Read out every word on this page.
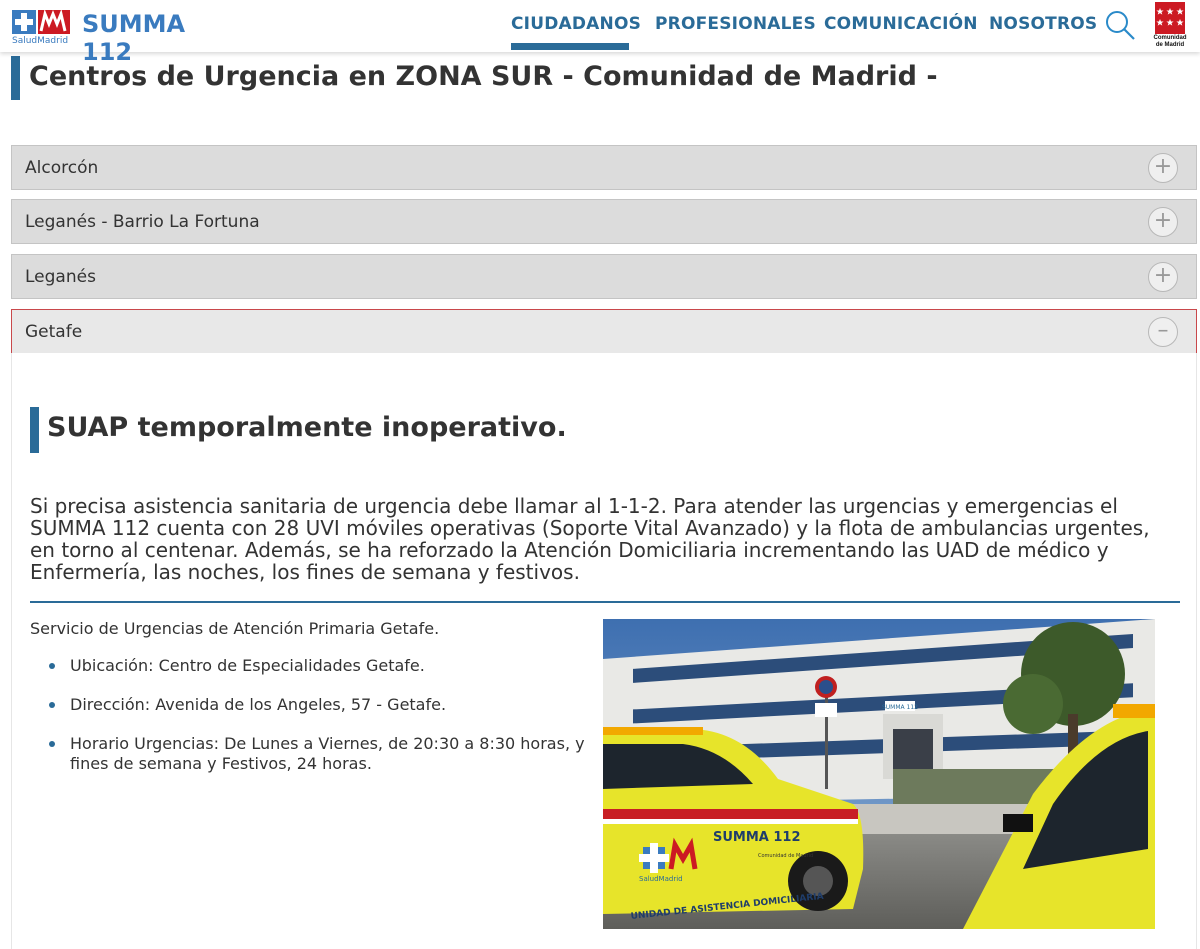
SaludMadrid
SUMMA 112
CIUDADANOS PROFESIONALES COMUNICACIÓN NOSOTROS
Comunidad de Madrid
Centros de Urgencia en ZONA SUR - Comunidad de Madrid -
Alcorcón	+
Leganés - Barrio La Fortuna	+
Leganés	+
Getafe	–
SUAP temporalmente inoperativo.

Si precisa asistencia sanitaria de urgencia debe llamar al 1-1-2. Para atender las urgencias y emergencias el SUMMA 112 cuenta con 28 UVI móviles operativas (Soporte Vital Avanzado) y la flota de ambulancias urgentes, en torno al centenar. Además, se ha reforzado la Atención Domiciliaria incrementando las UAD de médico y Enfermería, las noches, los fines de semana y festivos.

Servicio de Urgencias de Atención Primaria Getafe.

Ubicación: Centro de Especialidades Getafe.
Dirección: Avenida de los Angeles, 57 - Getafe.
Horario Urgencias: De Lunes a Viernes, de 20:30 a 8:30 horas, y fines de semana y Festivos, 24 horas.
SUMMA 112
SUMMA 112
Comunidad de Madrid
SaludMadrid
UNIDAD DE ASISTENCIA DOMICILIARIA
